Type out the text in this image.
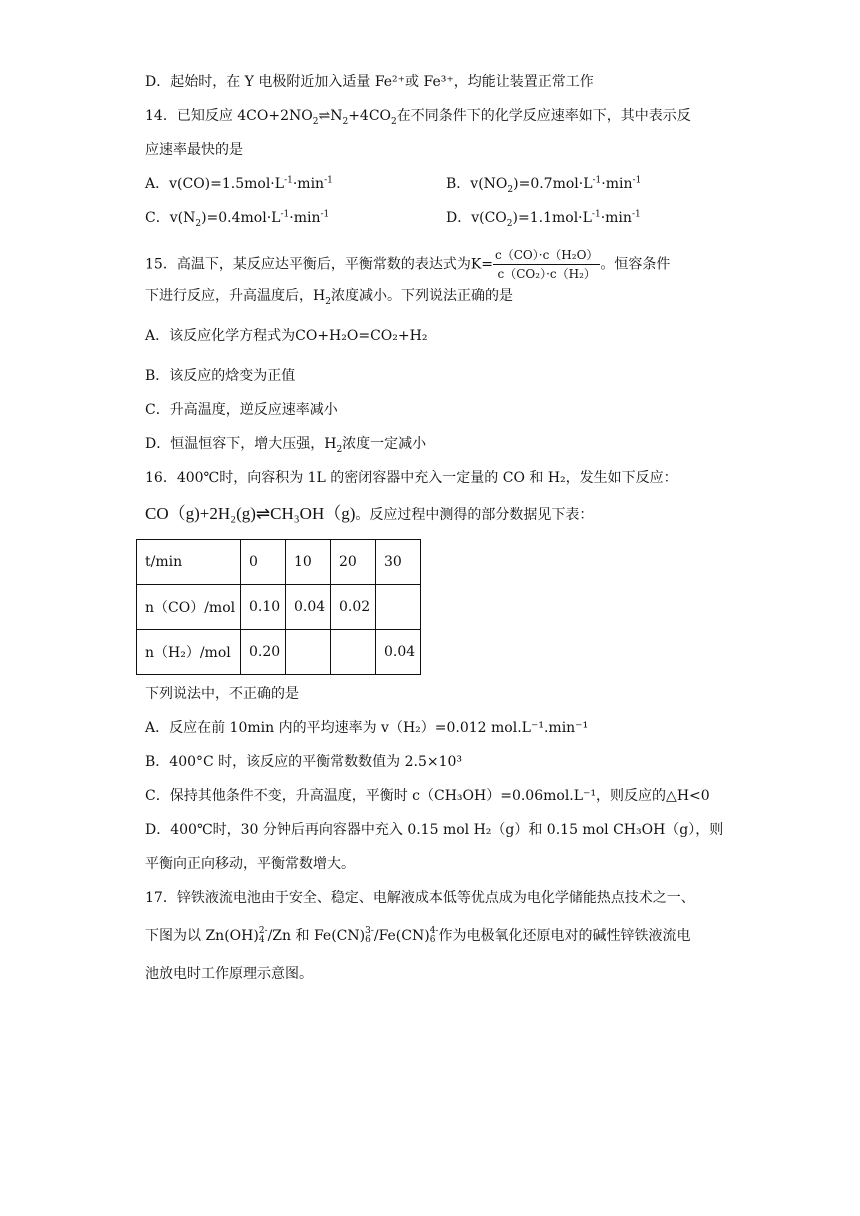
D．起始时，在 Y 电极附近加入适量 Fe²⁺或 Fe³⁺，均能让装置正常工作
14．已知反应 $4CO+2NO_2\rightleftharpoons N_2+4CO_2$在不同条件下的化学反应速率如下，其中表示反
应速率最快的是
A．$v(CO)=1.5mol\cdot L^{-1}\cdot\min^{-1}$	B．$v(NO_2)=0.7mol\cdot L^{-1}\cdot\min^{-1}$
C．$v(N_2)=0.4mol\cdot L^{-1}\cdot\min^{-1}$	D．$v(CO_2)=1.1mol\cdot L^{-1}\cdot\min^{-1}$
15．高温下，某反应达平衡后，平衡常数的表达式为$K= \frac{\text{c（CO）·c（H₂O）}}{\text{c（CO₂）·c（H₂）}}$ 。恒容条件
下进行反应，升高温度后，$H_2$浓度减小。下列说法正确的是
A．该反应化学方程式为CO+H₂O=CO₂+H₂
B．该反应的焓变为正值
C．升高温度，逆反应速率减小
D．恒温恒容下，增大压强，$H_2$浓度一定减小
16．400℃时，向容积为 1L 的密闭容器中充入一定量的 CO 和 H₂，发生如下反应：
CO（g)+2H₂(g)⇌CH₃OH（g)。反应过程中测得的部分数据见下表：
t/min	0	10	20	30
n（CO）/mol	0.10	0.04	0.02	
n（H₂）/mol	0.20			0.04
下列说法中，不正确的是
A．反应在前 10min 内的平均速率为 v（H₂）=0.012 mol.L⁻¹.min⁻¹
B．400°C 时，该反应的平衡常数数值为 2.5×10³
C．保持其他条件不变，升高温度，平衡时 c（CH₃OH）=0.06mol.L⁻¹，则反应的△H<0
D．400℃时，30 分钟后再向容器中充入 0.15 mol H₂（g）和 0.15 mol CH₃OH（g），则
平衡向正向移动，平衡常数增大。
17．锌铁液流电池由于安全、稳定、电解液成本低等优点成为电化学储能热点技术之一、
下图为以 Zn(OH) 2-
4 /Zn 和 Fe(CN) 3-
6 /Fe(CN) 4-
6 作为电极氧化还原电对的碱性锌铁液流电
池放电时工作原理示意图。
